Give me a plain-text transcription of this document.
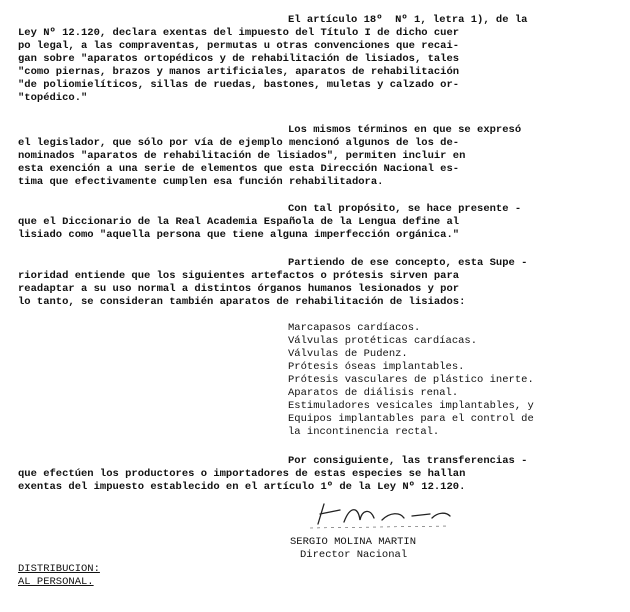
El artículo 18º  Nº 1, letra 1), de la
Ley Nº 12.120, declara exentas del impuesto del Título I de dicho cuer
po legal, a las compraventas, permutas u otras convenciones que recai-
gan sobre "aparatos ortopédicos y de rehabilitación de lisiados, tales
"como piernas, brazos y manos artificiales, aparatos de rehabilitación
"de poliomielíticos, sillas de ruedas, bastones, muletas y calzado or-
"topédico."
Los mismos términos en que se expresó
el legislador, que sólo por vía de ejemplo mencionó algunos de los de-
nominados "aparatos de rehabilitación de lisiados", permiten incluir en
esta exención a una serie de elementos que esta Dirección Nacional es-
tima que efectivamente cumplen esa función rehabilitadora.
Con tal propósito, se hace presente -
que el Diccionario de la Real Academia Española de la Lengua define al
lisiado como "aquella persona que tiene alguna imperfección orgánica."
Partiendo de ese concepto, esta Supe -
rioridad entiende que los siguientes artefactos o prótesis sirven para
readaptar a su uso normal a distintos órganos humanos lesionados y por
lo tanto, se consideran también aparatos de rehabilitación de lisiados:
Marcapasos cardíacos.
Válvulas protéticas cardíacas.
Válvulas de Pudenz.
Prótesis óseas implantables.
Prótesis vasculares de plástico inerte.
Aparatos de diálisis renal.
Estimuladores vesicales implantables, y
Equipos implantables para el control de
la incontinencia rectal.
Por consiguiente, las transferencias -
que efectúen los productores o importadores de estas especies se hallan
exentas del impuesto establecido en el artículo 1º de la Ley Nº 12.120.
SERGIO MOLINA MARTIN
Director Nacional
DISTRIBUCION:
AL PERSONAL.
